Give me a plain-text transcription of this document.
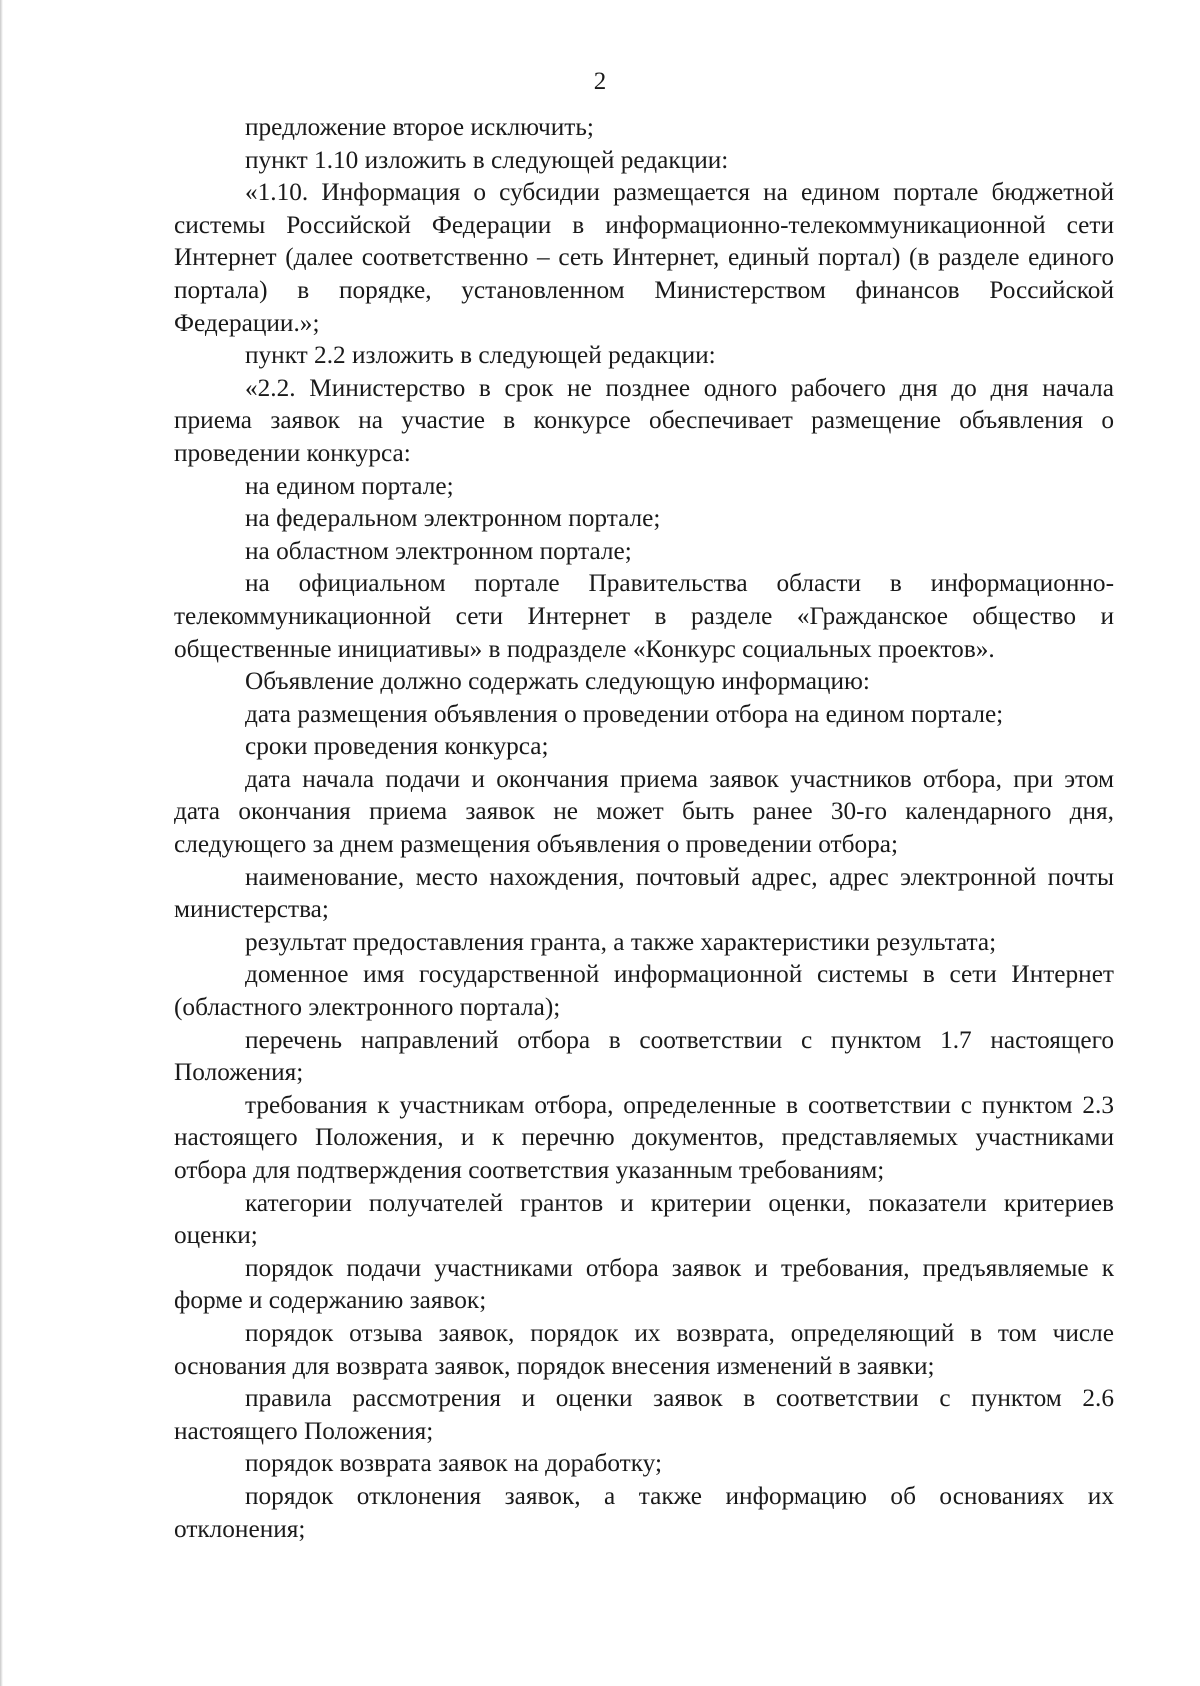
2

предложение второе исключить;

пункт 1.10 изложить в следующей редакции:

«1.10. Информация о субсидии размещается на едином портале бюджетной системы Российской Федерации в информационно-телекоммуникационной сети Интернет (далее соответственно – сеть Интернет, единый портал) (в разделе единого портала) в порядке, установленном Министерством финансов Российской Федерации.»;

пункт 2.2 изложить в следующей редакции:

«2.2. Министерство в срок не позднее одного рабочего дня до дня начала приема заявок на участие в конкурсе обеспечивает размещение объявления о проведении конкурса:

на едином портале;

на федеральном электронном портале;

на областном электронном портале;

на официальном портале Правительства области в информационно-телекоммуникационной сети Интернет в разделе «Гражданское общество и общественные инициативы» в подразделе «Конкурс социальных проектов».

Объявление должно содержать следующую информацию:

дата размещения объявления о проведении отбора на едином портале;

сроки проведения конкурса;

дата начала подачи и окончания приема заявок участников отбора, при этом дата окончания приема заявок не может быть ранее 30-го календарного дня, следующего за днем размещения объявления о проведении отбора;

наименование, место нахождения, почтовый адрес, адрес электронной почты министерства;

результат предоставления гранта, а также характеристики результата;

доменное имя государственной информационной системы в сети Интернет (областного электронного портала);

перечень направлений отбора в соответствии с пунктом 1.7 настоящего Положения;

требования к участникам отбора, определенные в соответствии с пунктом 2.3 настоящего Положения, и к перечню документов, представляемых участниками отбора для подтверждения соответствия указанным требованиям;

категории получателей грантов и критерии оценки, показатели критериев оценки;

порядок подачи участниками отбора заявок и требования, предъявляемые к форме и содержанию заявок;

порядок отзыва заявок, порядок их возврата, определяющий в том числе основания для возврата заявок, порядок внесения изменений в заявки;

правила рассмотрения и оценки заявок в соответствии с пунктом 2.6 настоящего Положения;

порядок возврата заявок на доработку;

порядок отклонения заявок, а также информацию об основаниях их отклонения;
